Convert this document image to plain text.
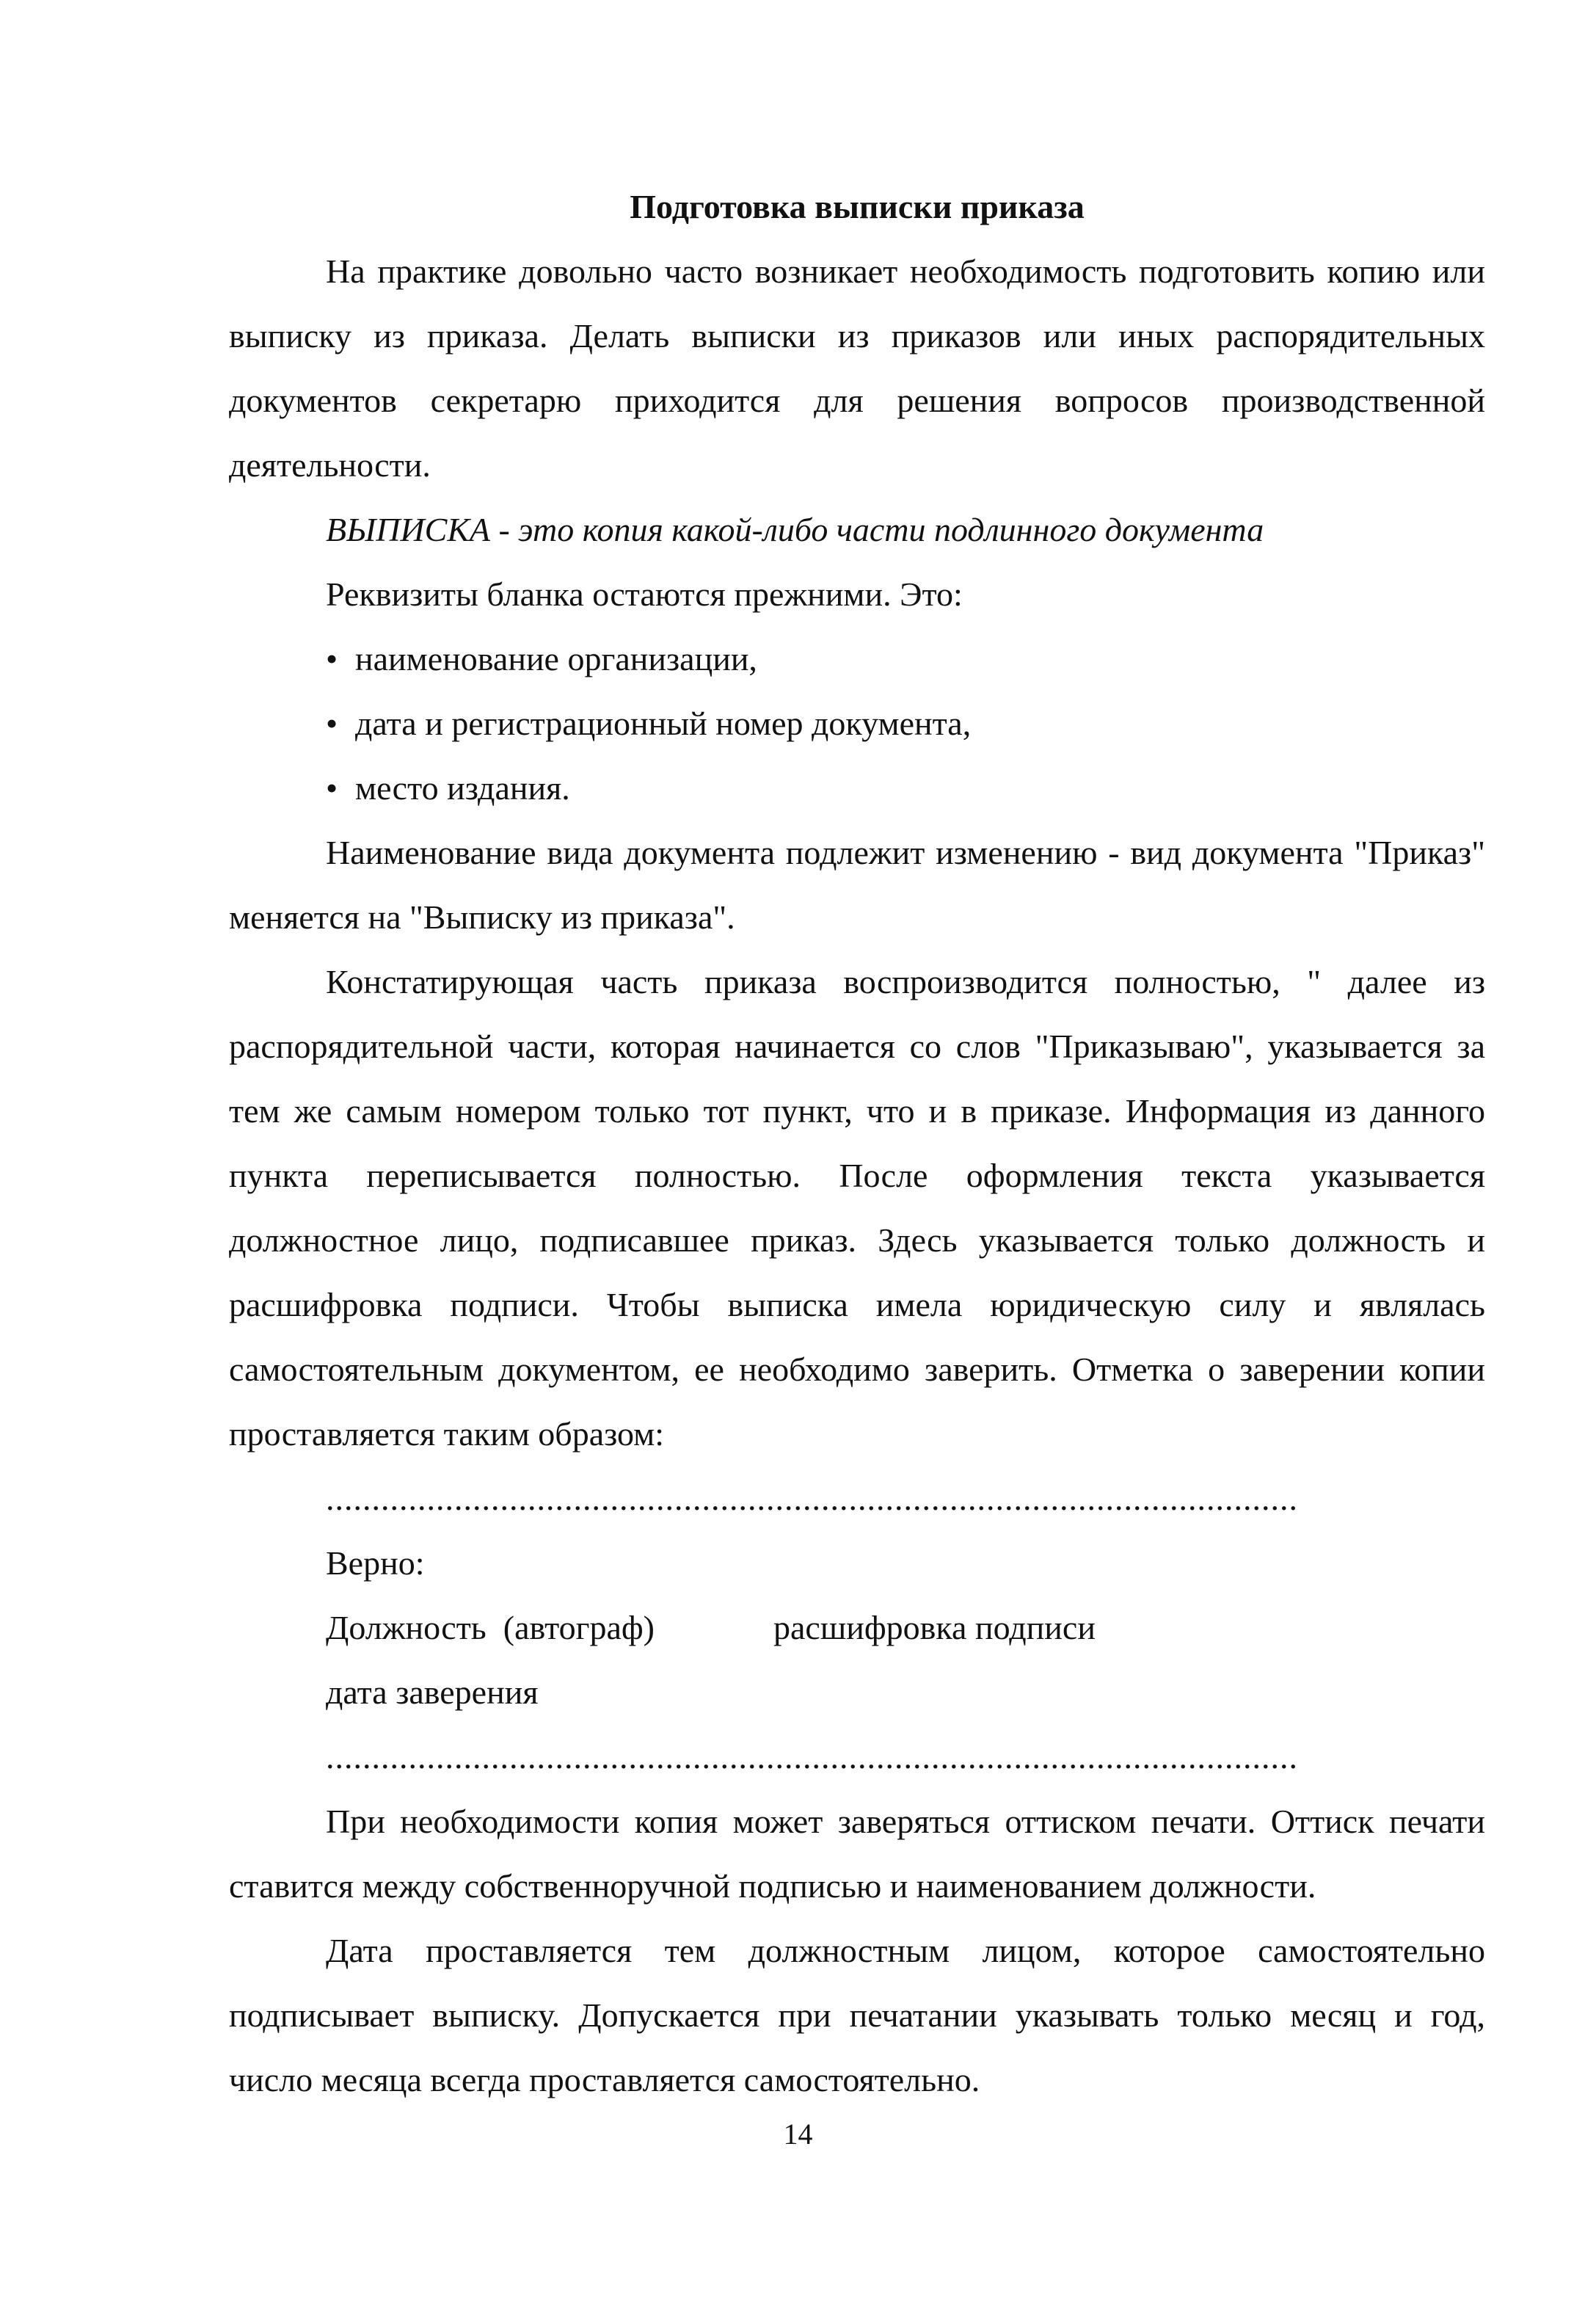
Подготовка выписки приказа

На практике довольно часто возникает необходимость подготовить копию или выписку из приказа. Делать выписки из приказов или иных распорядительных документов секретарю приходится для решения вопросов производственной деятельности.

ВЫПИСКА - это копия какой-либо части подлинного документа

Реквизиты бланка остаются прежними. Это:

• наименование организации,
• дата и регистрационный номер документа,
• место издания.

Наименование вида документа подлежит изменению - вид документа "Приказ" меняется на "Выписку из приказа".

Констатирующая часть приказа воспроизводится полностью, " далее из распорядительной части, которая начинается со слов "Приказываю", указывается за тем же самым номером только тот пункт, что и в приказе. Информация из данного пункта переписывается полностью. После оформления текста указывается должностное лицо, подписавшее приказ. Здесь указывается только должность и расшифровка подписи. Чтобы выписка имела юридическую силу и являлась самостоятельным документом, ее необходимо заверить. Отметка о заверении копии проставляется таким образом:

..........................................................................................................
Верно:
Должность  (автограф)	расшифровка подписи
дата заверения
..........................................................................................................

При необходимости копия может заверяться оттиском печати. Оттиск печати ставится между собственноручной подписью и наименованием должности.

Дата проставляется тем должностным лицом, которое самостоятельно подписывает выписку. Допускается при печатании указывать только месяц и год, число месяца всегда проставляется самостоятельно.

14
